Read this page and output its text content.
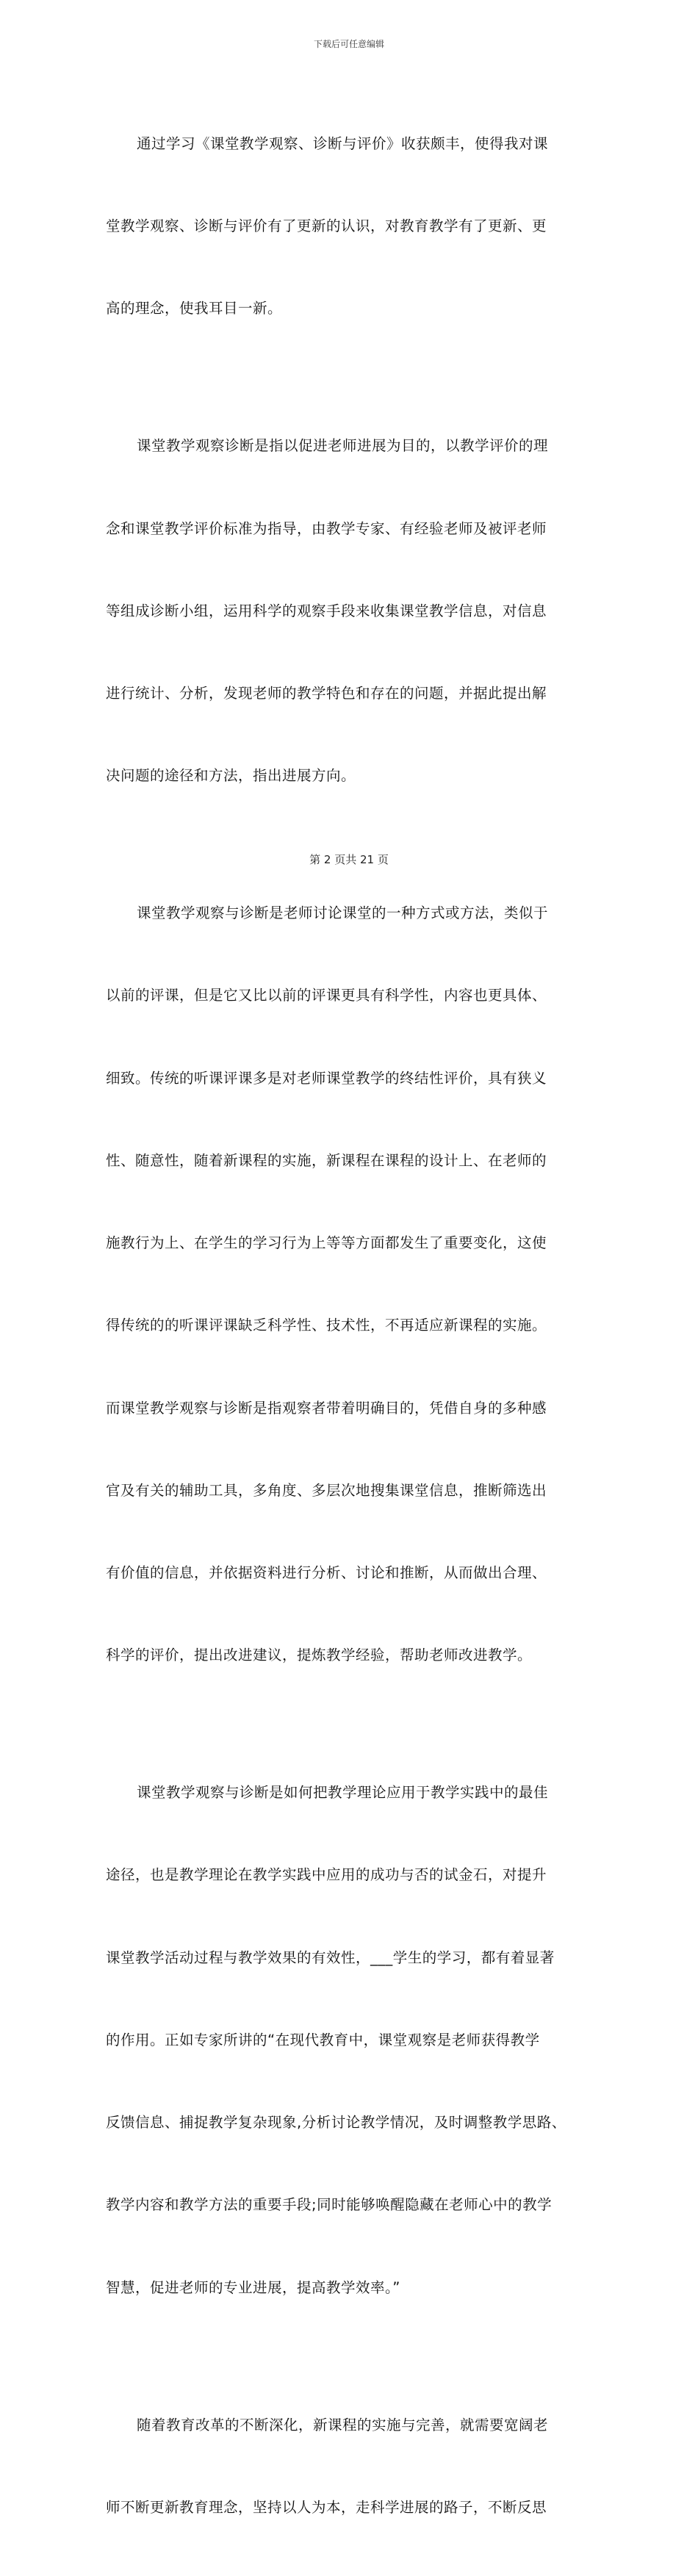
下载后可任意编辑

通过学习《课堂教学观察、诊断与评价》收获颇丰，使得我对课

堂教学观察、诊断与评价有了更新的认识，对教育教学有了更新、更

高的理念，使我耳目一新。

课堂教学观察诊断是指以促进老师进展为目的，以教学评价的理

念和课堂教学评价标准为指导，由教学专家、有经验老师及被评老师

等组成诊断小组，运用科学的观察手段来收集课堂教学信息，对信息

进行统计、分析，发现老师的教学特色和存在的问题，并据此提出解

决问题的途径和方法，指出进展方向。

课堂教学观察与诊断是老师讨论课堂的一种方式或方法，类似于

以前的评课，但是它又比以前的评课更具有科学性，内容也更具体、

细致。传统的听课评课多是对老师课堂教学的终结性评价，具有狭义

性、随意性，随着新课程的实施，新课程在课程的设计上、在老师的

施教行为上、在学生的学习行为上等等方面都发生了重要变化，这使

得传统的的听课评课缺乏科学性、技术性，不再适应新课程的实施。

而课堂教学观察与诊断是指观察者带着明确目的，凭借自身的多种感

官及有关的辅助工具，多角度、多层次地搜集课堂信息，推断筛选出

有价值的信息，并依据资料进行分析、讨论和推断，从而做出合理、

科学的评价，提出改进建议，提炼教学经验，帮助老师改进教学。

课堂教学观察与诊断是如何把教学理论应用于教学实践中的最佳

途径，也是教学理论在教学实践中应用的成功与否的试金石，对提升

课堂教学活动过程与教学效果的有效性，___学生的学习，都有着显著

的作用。正如专家所讲的“在现代教育中，课堂观察是老师获得教学

反馈信息、捕捉教学复杂现象,分析讨论教学情况，及时调整教学思路、

教学内容和教学方法的重要手段;同时能够唤醒隐藏在老师心中的教学

智慧，促进老师的专业进展，提高教学效率。”

随着教育改革的不断深化，新课程的实施与完善，就需要宽阔老

师不断更新教育理念，坚持以人为本，走科学进展的路子，不断反思

第 2 页共 21 页
